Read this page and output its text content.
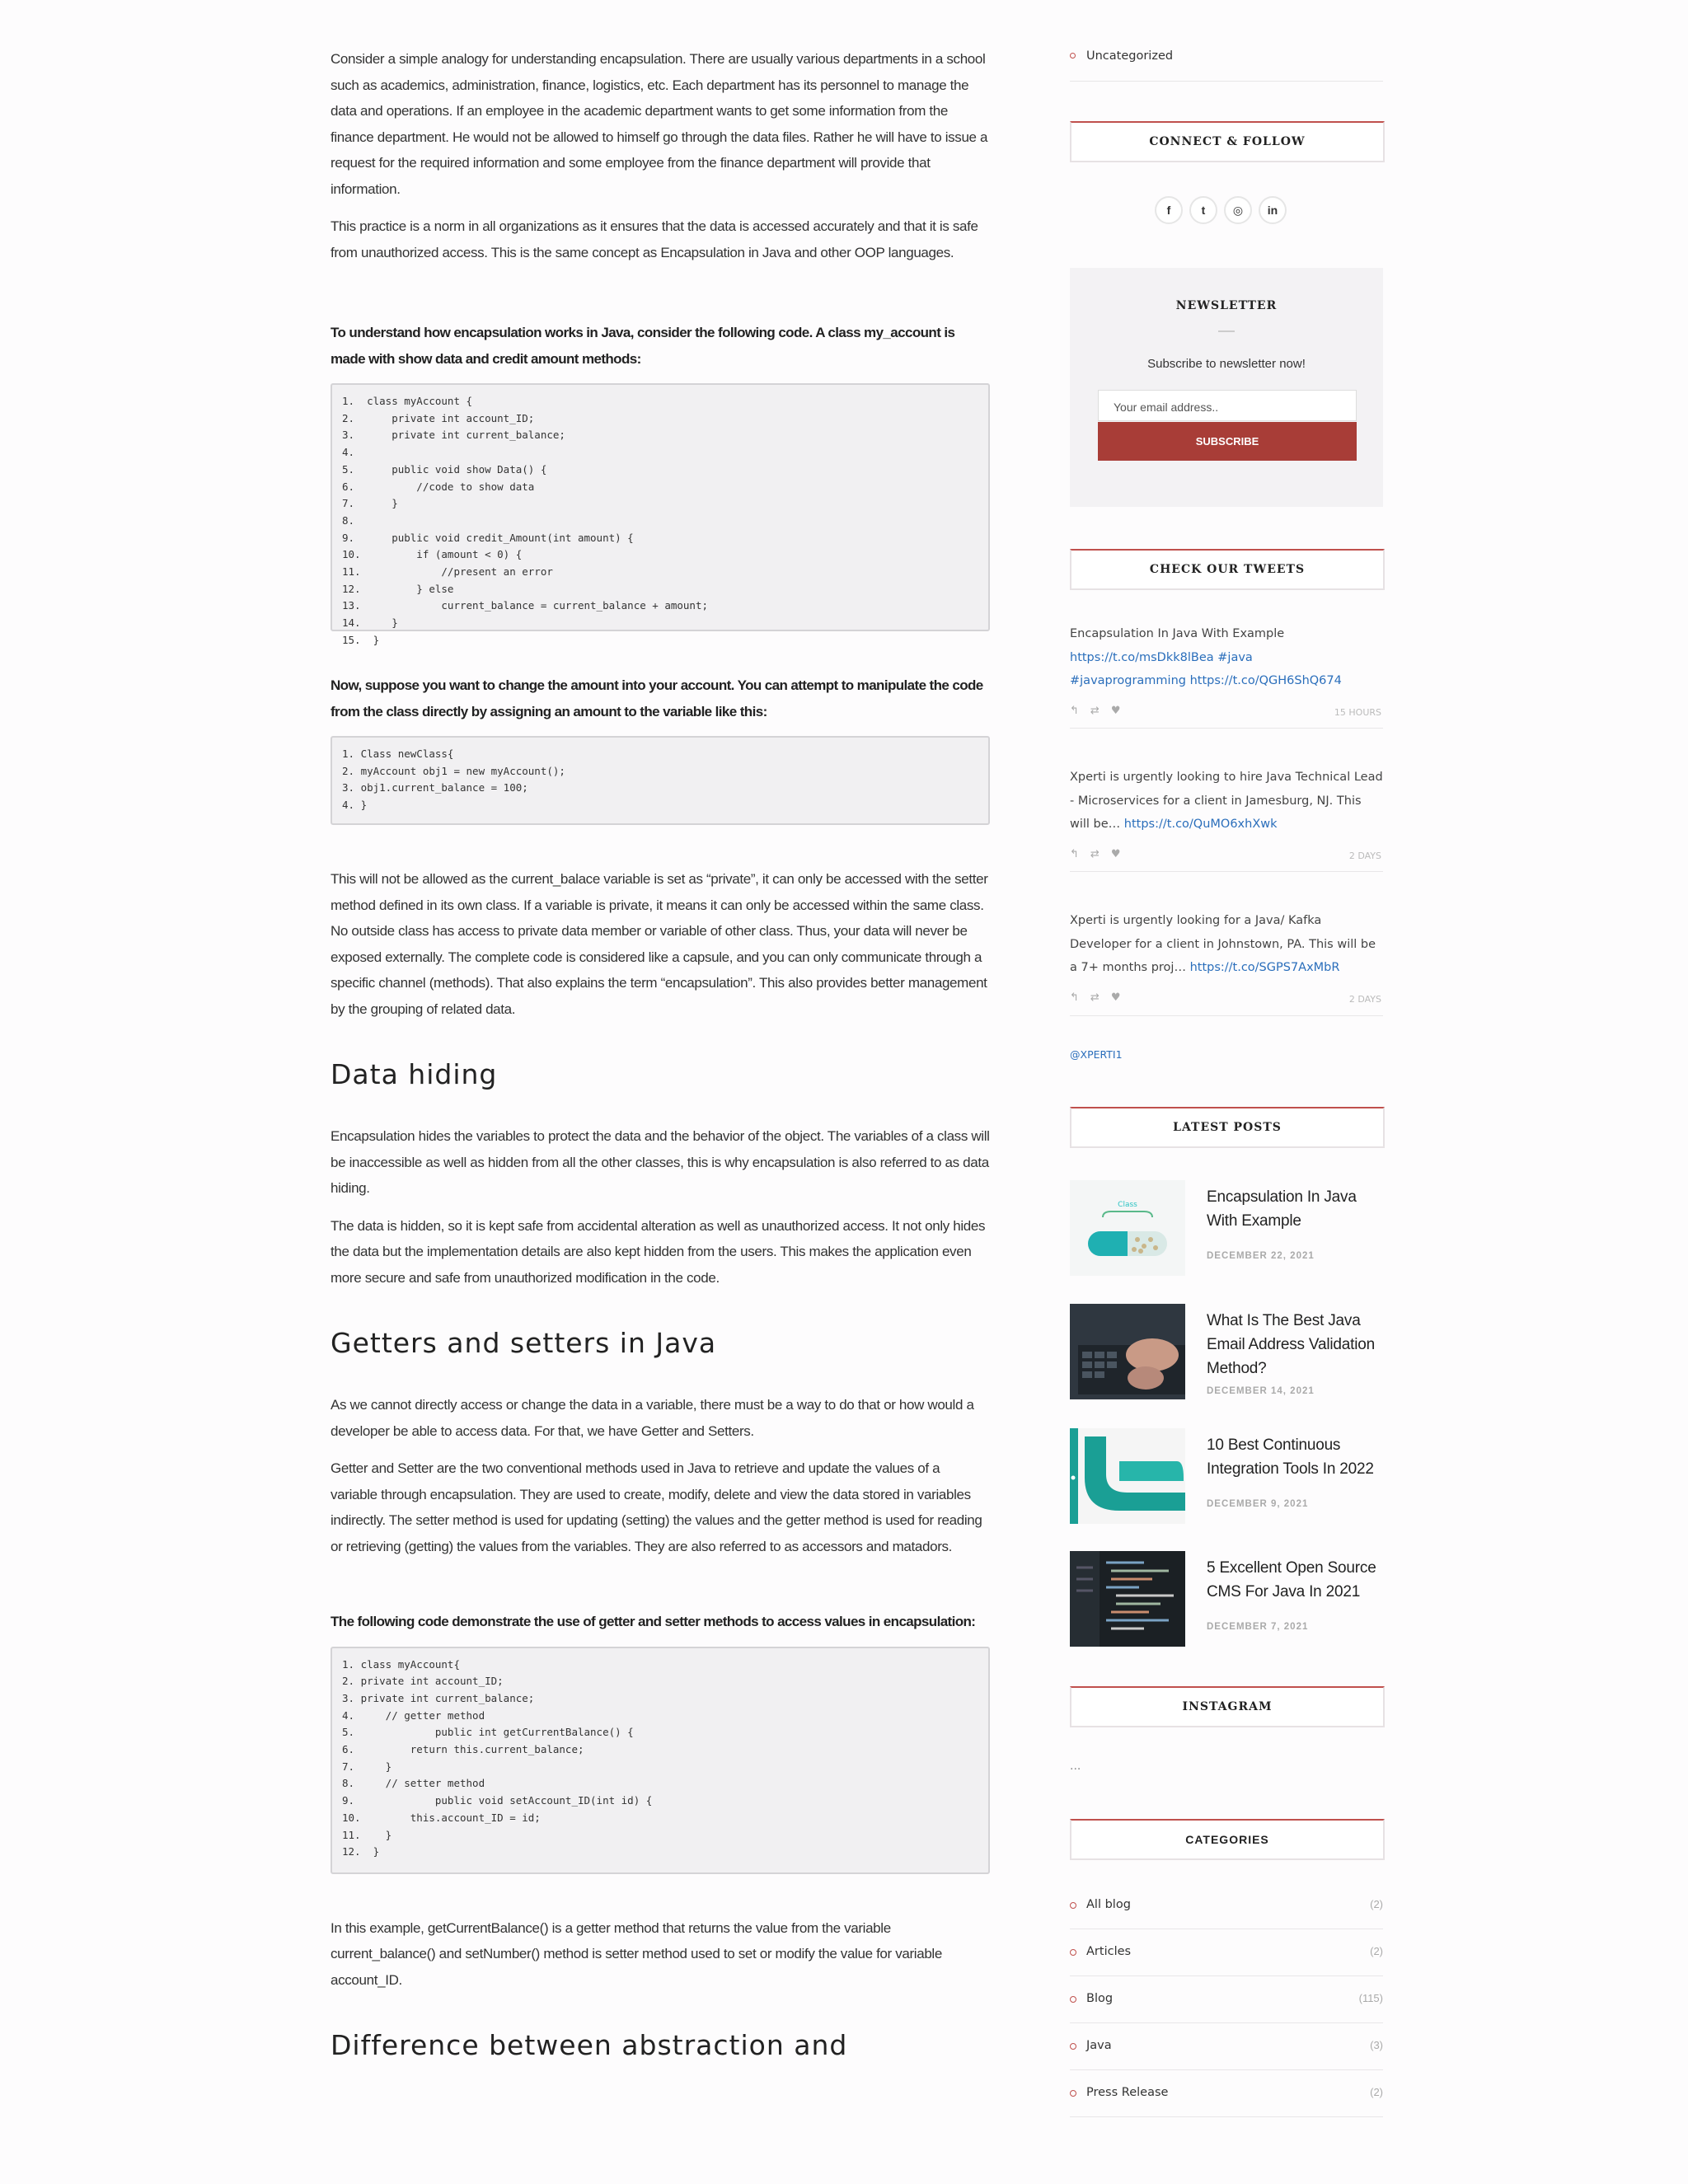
Consider a simple analogy for understanding encapsulation. There are usually various departments in a school such as academics, administration, finance, logistics, etc. Each department has its personnel to manage the data and operations. If an employee in the academic department wants to get some information from the finance department. He would not be allowed to himself go through the data files. Rather he will have to issue a request for the required information and some employee from the finance department will provide that information.

This practice is a norm in all organizations as it ensures that the data is accessed accurately and that it is safe from unauthorized access. This is the same concept as Encapsulation in Java and other OOP languages.

To understand how encapsulation works in Java, consider the following code. A class my_account is made with show data and credit amount methods:

1.  class myAccount {
2.      private int account_ID;
3.      private int current_balance;
4.
5.      public void show Data() {
6.          //code to show data
7.      }
8.
9.      public void credit_Amount(int amount) {
10.         if (amount < 0) {
11.             //present an error
12.         } else
13.             current_balance = current_balance + amount;
14.     }
15.  }

Now, suppose you want to change the amount into your account. You can attempt to manipulate the code from the class directly by assigning an amount to the variable like this:

1. Class newClass{
2. myAccount obj1 = new myAccount();
3. obj1.current_balance = 100;
4. }

This will not be allowed as the current_balace variable is set as “private”, it can only be accessed with the setter method defined in its own class. If a variable is private, it means it can only be accessed within the same class. No outside class has access to private data member or variable of other class. Thus, your data will never be exposed externally. The complete code is considered like a capsule, and you can only communicate through a specific channel (methods). That also explains the term “encapsulation”. This also provides better management by the grouping of related data.

Data hiding

Encapsulation hides the variables to protect the data and the behavior of the object. The variables of a class will be inaccessible as well as hidden from all the other classes, this is why encapsulation is also referred to as data hiding.

The data is hidden, so it is kept safe from accidental alteration as well as unauthorized access. It not only hides the data but the implementation details are also kept hidden from the users. This makes the application even more secure and safe from unauthorized modification in the code.

Getters and setters in Java

As we cannot directly access or change the data in a variable, there must be a way to do that or how would a developer be able to access data. For that, we have Getter and Setters.

Getter and Setter are the two conventional methods used in Java to retrieve and update the values of a variable through encapsulation. They are used to create, modify, delete and view the data stored in variables indirectly. The setter method is used for updating (setting) the values and the getter method is used for reading or retrieving (getting) the values from the variables. They are also referred to as accessors and matadors.

The following code demonstrate the use of getter and setter methods to access values in encapsulation:

1. class myAccount{
2. private int account_ID;
3. private int current_balance;
4.     // getter method
5.             public int getCurrentBalance() {
6.         return this.current_balance;
7.     }
8.     // setter method
9.             public void setAccount_ID(int id) {
10.        this.account_ID = id;
11.    }
12.  }

In this example, getCurrentBalance() is a getter method that returns the value from the variable current_balance() and setNumber() method is setter method used to set or modify the value for variable account_ID.

Difference between abstraction and
Uncategorized
CONNECT & FOLLOW
f	t	◎	in
NEWSLETTER
Subscribe to newsletter now!
Your email address..
SUBSCRIBE
CHECK OUR TWEETS
Encapsulation In Java With Example
https://t.co/msDkk8lBea #java
#javaprogramming https://t.co/QGH6ShQ674
↰⇄♥	15 HOURS
Xperti is urgently looking to hire Java Technical Lead - Microservices for a client in Jamesburg, NJ. This will be… https://t.co/QuMO6xhXwk
↰⇄♥	2 DAYS
Xperti is urgently looking for a Java/ Kafka Developer for a client in Johnstown, PA. This will be a 7+ months proj… https://t.co/SGPS7AxMbR
↰⇄♥	2 DAYS
@XPERTI1
LATEST POSTS
Class	Encapsulation In Java With Example
DECEMBER 22, 2021
What Is The Best Java Email Address Validation Method?
DECEMBER 14, 2021
10 Best Continuous Integration Tools In 2022
DECEMBER 9, 2021
5 Excellent Open Source CMS For Java In 2021
DECEMBER 7, 2021
INSTAGRAM
...
CATEGORIES
All blog	(2)
Articles	(2)
Blog	(115)
Java	(3)
Press Release	(2)
